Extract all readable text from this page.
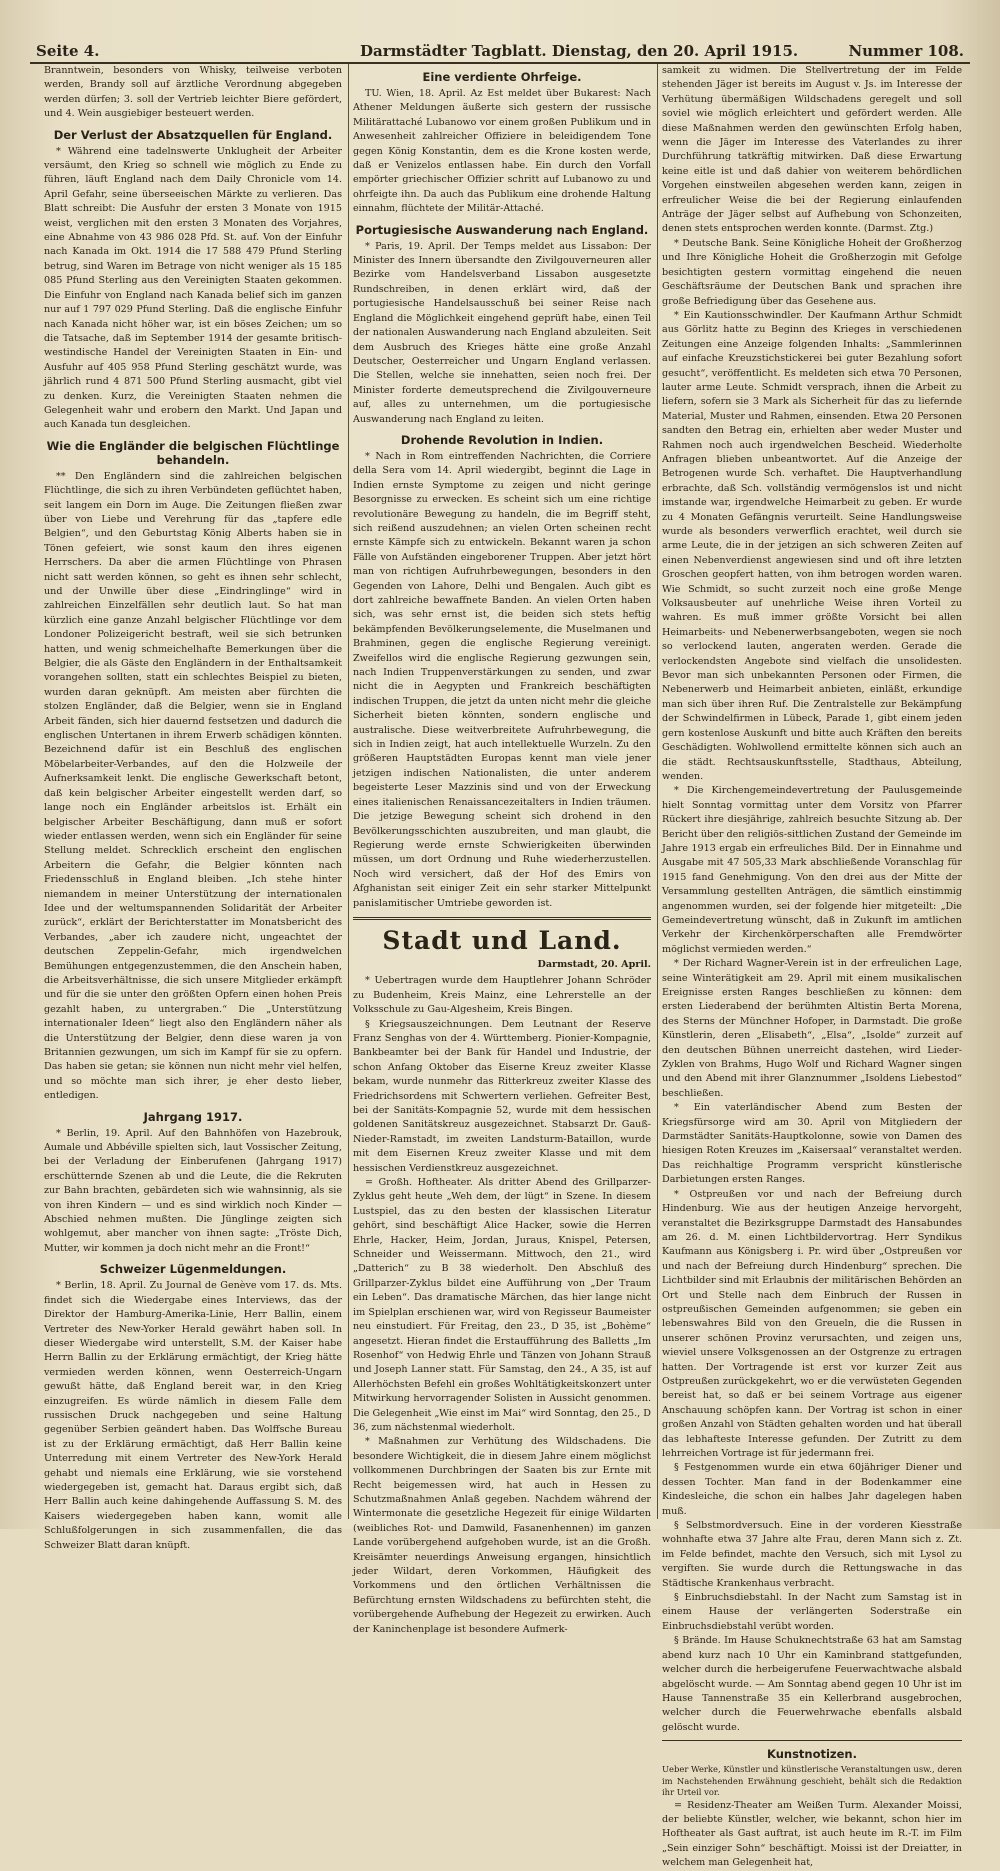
Seite 4.	Darmstädter Tagblatt. Dienstag, den 20. April 1915.	Nummer 108.

Branntwein, besonders von Whisky, teilweise verboten werden, Brandy soll auf ärztliche Verordnung abgegeben werden dürfen; 3. soll der Vertrieb leichter Biere gefördert, und 4. Wein ausgiebiger besteuert werden.

Der Verlust der Absatzquellen für England.

* Während eine tadelnswerte Unklugheit der Arbeiter versäumt, den Krieg so schnell wie möglich zu Ende zu führen, läuft England nach dem Daily Chronicle vom 14. April Gefahr, seine überseeischen Märkte zu verlieren. Das Blatt schreibt: Die Ausfuhr der ersten 3 Monate von 1915 weist, verglichen mit den ersten 3 Monaten des Vorjahres, eine Abnahme von 43 986 028 Pfd. St. auf. Von der Einfuhr nach Kanada im Okt. 1914 die 17 588 479 Pfund Sterling betrug, sind Waren im Betrage von nicht weniger als 15 185 085 Pfund Sterling aus den Vereinigten Staaten gekommen. Die Einfuhr von England nach Kanada belief sich im ganzen nur auf 1 797 029 Pfund Sterling. Daß die englische Einfuhr nach Kanada nicht höher war, ist ein böses Zeichen; um so die Tatsache, daß im September 1914 der gesamte britisch-westindische Handel der Vereinigten Staaten in Ein- und Ausfuhr auf 405 958 Pfund Sterling geschätzt wurde, was jährlich rund 4 871 500 Pfund Sterling ausmacht, gibt viel zu denken. Kurz, die Vereinigten Staaten nehmen die Gelegenheit wahr und erobern den Markt. Und Japan und auch Kanada tun desgleichen.

Wie die Engländer die belgischen Flüchtlinge behandeln.

** Den Engländern sind die zahlreichen belgischen Flüchtlinge, die sich zu ihren Verbündeten geflüchtet haben, seit langem ein Dorn im Auge. Die Zeitungen fließen zwar über von Liebe und Verehrung für das „tapfere edle Belgien“, und den Geburtstag König Alberts haben sie in Tönen gefeiert, wie sonst kaum den ihres eigenen Herrschers. Da aber die armen Flüchtlinge von Phrasen nicht satt werden können, so geht es ihnen sehr schlecht, und der Unwille über diese „Eindringlinge“ wird in zahlreichen Einzelfällen sehr deutlich laut. So hat man kürzlich eine ganze Anzahl belgischer Flüchtlinge vor dem Londoner Polizeigericht bestraft, weil sie sich betrunken hatten, und wenig schmeichelhafte Bemerkungen über die Belgier, die als Gäste den Engländern in der Enthaltsamkeit vorangehen sollten, statt ein schlechtes Beispiel zu bieten, wurden daran geknüpft. Am meisten aber fürchten die stolzen Engländer, daß die Belgier, wenn sie in England Arbeit fänden, sich hier dauernd festsetzen und dadurch die englischen Untertanen in ihrem Erwerb schädigen könnten. Bezeichnend dafür ist ein Beschluß des englischen Möbelarbeiter-Verbandes, auf den die Holzweile der Aufnerksamkeit lenkt. Die englische Gewerkschaft betont, daß kein belgischer Arbeiter eingestellt werden darf, so lange noch ein Engländer arbeitslos ist. Erhält ein belgischer Arbeiter Beschäftigung, dann muß er sofort wieder entlassen werden, wenn sich ein Engländer für seine Stellung meldet. Schrecklich erscheint den englischen Arbeitern die Gefahr, die Belgier könnten nach Friedensschluß in England bleiben. „Ich stehe hinter niemandem in meiner Unterstützung der internationalen Idee und der weltumspannenden Solidarität der Arbeiter zurück“, erklärt der Berichterstatter im Monatsbericht des Verbandes, „aber ich zaudere nicht, ungeachtet der deutschen Zeppelin-Gefahr, mich irgendwelchen Bemühungen entgegenzustemmen, die den Anschein haben, die Arbeitsverhältnisse, die sich unsere Mitglieder erkämpft und für die sie unter den größten Opfern einen hohen Preis gezahlt haben, zu untergraben.“ Die „Unterstützung internationaler Ideen“ liegt also den Engländern näher als die Unterstützung der Belgier, denn diese waren ja von Britannien gezwungen, um sich im Kampf für sie zu opfern. Das haben sie getan; sie können nun nicht mehr viel helfen, und so möchte man sich ihrer, je eher desto lieber, entledigen.

Jahrgang 1917.

* Berlin, 19. April. Auf den Bahnhöfen von Hazebrouk, Aumale und Abbéville spielten sich, laut Vossischer Zeitung, bei der Verladung der Einberufenen (Jahrgang 1917) erschütternde Szenen ab und die Leute, die die Rekruten zur Bahn brachten, gebärdeten sich wie wahnsinnig, als sie von ihren Kindern — und es sind wirklich noch Kinder — Abschied nehmen mußten. Die Jünglinge zeigten sich wohlgemut, aber mancher von ihnen sagte: „Tröste Dich, Mutter, wir kommen ja doch nicht mehr an die Front!“

Schweizer Lügenmeldungen.

* Berlin, 18. April. Zu Journal de Genève vom 17. ds. Mts. findet sich die Wiedergabe eines Interviews, das der Direktor der Hamburg-Amerika-Linie, Herr Ballin, einem Vertreter des New-Yorker Herald gewährt haben soll. In dieser Wiedergabe wird unterstellt, S.M. der Kaiser habe Herrn Ballin zu der Erklärung ermächtigt, der Krieg hätte vermieden werden können, wenn Oesterreich-Ungarn gewußt hätte, daß England bereit war, in den Krieg einzugreifen. Es würde nämlich in diesem Falle dem russischen Druck nachgegeben und seine Haltung gegenüber Serbien geändert haben. Das Wolffsche Bureau ist zu der Erklärung ermächtigt, daß Herr Ballin keine Unterredung mit einem Vertreter des New-York Herald gehabt und niemals eine Erklärung, wie sie vorstehend wiedergegeben ist, gemacht hat. Daraus ergibt sich, daß Herr Ballin auch keine dahingehende Auffassung S. M. des Kaisers wiedergegeben haben kann, womit alle Schlußfolgerungen in sich zusammenfallen, die das Schweizer Blatt daran knüpft.

Eine verdiente Ohrfeige.

TU. Wien, 18. April. Az Est meldet über Bukarest: Nach Athener Meldungen äußerte sich gestern der russische Militärattaché Lubanowo vor einem großen Publikum und in Anwesenheit zahlreicher Offiziere in beleidigendem Tone gegen König Konstantin, dem es die Krone kosten werde, daß er Venizelos entlassen habe. Ein durch den Vorfall empörter griechischer Offizier schritt auf Lubanowo zu und ohrfeigte ihn. Da auch das Publikum eine drohende Haltung einnahm, flüchtete der Militär-Attaché.

Portugiesische Auswanderung nach England.

* Paris, 19. April. Der Temps meldet aus Lissabon: Der Minister des Innern übersandte den Zivilgouverneuren aller Bezirke vom Handelsverband Lissabon ausgesetzte Rundschreiben, in denen erklärt wird, daß der portugiesische Handelsausschuß bei seiner Reise nach England die Möglichkeit eingehend geprüft habe, einen Teil der nationalen Auswanderung nach England abzuleiten. Seit dem Ausbruch des Krieges hätte eine große Anzahl Deutscher, Oesterreicher und Ungarn England verlassen. Die Stellen, welche sie innehatten, seien noch frei. Der Minister forderte demeutsprechend die Zivilgouverneure auf, alles zu unternehmen, um die portugiesische Auswanderung nach England zu leiten.

Drohende Revolution in Indien.

* Nach in Rom eintreffenden Nachrichten, die Corriere della Sera vom 14. April wiedergibt, beginnt die Lage in Indien ernste Symptome zu zeigen und nicht geringe Besorgnisse zu erwecken. Es scheint sich um eine richtige revolutionäre Bewegung zu handeln, die im Begriff steht, sich reißend auszudehnen; an vielen Orten scheinen recht ernste Kämpfe sich zu entwickeln. Bekannt waren ja schon Fälle von Aufständen eingeborener Truppen. Aber jetzt hört man von richtigen Aufruhrbewegungen, besonders in den Gegenden von Lahore, Delhi und Bengalen. Auch gibt es dort zahlreiche bewaffnete Banden. An vielen Orten haben sich, was sehr ernst ist, die beiden sich stets heftig bekämpfenden Bevölkerungselemente, die Muselmanen und Brahminen, gegen die englische Regierung vereinigt. Zweifellos wird die englische Regierung gezwungen sein, nach Indien Truppenverstärkungen zu senden, und zwar nicht die in Aegypten und Frankreich beschäftigten indischen Truppen, die jetzt da unten nicht mehr die gleiche Sicherheit bieten könnten, sondern englische und australische. Diese weitverbreitete Aufruhrbewegung, die sich in Indien zeigt, hat auch intellektuelle Wurzeln. Zu den größeren Hauptstädten Europas kennt man viele jener jetzigen indischen Nationalisten, die unter anderem begeisterte Leser Mazzinis sind und von der Erweckung eines italienischen Renaissancezeitalters in Indien träumen. Die jetzige Bewegung scheint sich drohend in den Bevölkerungsschichten auszubreiten, und man glaubt, die Regierung werde ernste Schwierigkeiten überwinden müssen, um dort Ordnung und Ruhe wiederherzustellen. Noch wird versichert, daß der Hof des Emirs von Afghanistan seit einiger Zeit ein sehr starker Mittelpunkt panislamitischer Umtriebe geworden ist.

Stadt und Land.
Darmstadt, 20. April.

* Uebertragen wurde dem Hauptlehrer Johann Schröder zu Budenheim, Kreis Mainz, eine Lehrerstelle an der Volksschule zu Gau-Algesheim, Kreis Bingen.

§ Kriegsauszeichnungen. Dem Leutnant der Reserve Franz Senghas von der 4. Württemberg. Pionier-Kompagnie, Bankbeamter bei der Bank für Handel und Industrie, der schon Anfang Oktober das Eiserne Kreuz zweiter Klasse bekam, wurde nunmehr das Ritterkreuz zweiter Klasse des Friedrichsordens mit Schwertern verliehen. Gefreiter Best, bei der Sanitäts-Kompagnie 52, wurde mit dem hessischen goldenen Sanitätskreuz ausgezeichnet. Stabsarzt Dr. Gauß-Nieder-Ramstadt, im zweiten Landsturm-Bataillon, wurde mit dem Eisernen Kreuz zweiter Klasse und mit dem hessischen Verdienstkreuz ausgezeichnet.

= Großh. Hoftheater. Als dritter Abend des Grillparzer-Zyklus geht heute „Weh dem, der lügt“ in Szene. In diesem Lustspiel, das zu den besten der klassischen Literatur gehört, sind beschäftigt Alice Hacker, sowie die Herren Ehrle, Hacker, Heim, Jordan, Juraus, Knispel, Petersen, Schneider und Weissermann. Mittwoch, den 21., wird „Datterich“ zu B 38 wiederholt. Den Abschluß des Grillparzer-Zyklus bildet eine Aufführung von „Der Traum ein Leben“. Das dramatische Märchen, das hier lange nicht im Spielplan erschienen war, wird von Regisseur Baumeister neu einstudiert. Für Freitag, den 23., D 35, ist „Bohème“ angesetzt. Hieran findet die Erstaufführung des Balletts „Im Rosenhof“ von Hedwig Ehrle und Tänzen von Johann Strauß und Joseph Lanner statt. Für Samstag, den 24., A 35, ist auf Allerhöchsten Befehl ein großes Wohltätigkeitskonzert unter Mitwirkung hervorragender Solisten in Aussicht genommen. Die Gelegenheit „Wie einst im Mai“ wird Sonntag, den 25., D 36, zum nächstenmal wiederholt.

* Maßnahmen zur Verhütung des Wildschadens. Die besondere Wichtigkeit, die in diesem Jahre einem möglichst vollkommenen Durchbringen der Saaten bis zur Ernte mit Recht beigemessen wird, hat auch in Hessen zu Schutzmaßnahmen Anlaß gegeben. Nachdem während der Wintermonate die gesetzliche Hegezeit für einige Wildarten (weibliches Rot- und Damwild, Fasanenhennen) im ganzen Lande vorübergehend aufgehoben wurde, ist an die Großh. Kreisämter neuerdings Anweisung ergangen, hinsichtlich jeder Wildart, deren Vorkommen, Häufigkeit des Vorkommens und den örtlichen Verhältnissen die Befürchtung ernsten Wildschadens zu befürchten steht, die vorübergehende Aufhebung der Hegezeit zu erwirken. Auch der Kaninchenplage ist besondere Aufmerk-

samkeit zu widmen. Die Stellvertretung der im Felde stehenden Jäger ist bereits im August v. Js. im Interesse der Verhütung übermäßigen Wildschadens geregelt und soll soviel wie möglich erleichtert und gefördert werden. Alle diese Maßnahmen werden den gewünschten Erfolg haben, wenn die Jäger im Interesse des Vaterlandes zu ihrer Durchführung tatkräftig mitwirken. Daß diese Erwartung keine eitle ist und daß dahier von weiterem behördlichen Vorgehen einstweilen abgesehen werden kann, zeigen in erfreulicher Weise die bei der Regierung einlaufenden Anträge der Jäger selbst auf Aufhebung von Schonzeiten, denen stets entsprochen werden konnte. (Darmst. Ztg.)

* Deutsche Bank. Seine Königliche Hoheit der Großherzog und Ihre Königliche Hoheit die Großherzogin mit Gefolge besichtigten gestern vormittag eingehend die neuen Geschäftsräume der Deutschen Bank und sprachen ihre große Befriedigung über das Gesehene aus.

* Ein Kautionsschwindler. Der Kaufmann Arthur Schmidt aus Görlitz hatte zu Beginn des Krieges in verschiedenen Zeitungen eine Anzeige folgenden Inhalts: „Sammlerinnen auf einfache Kreuzstichstickerei bei guter Bezahlung sofort gesucht“, veröffentlicht. Es meldeten sich etwa 70 Personen, lauter arme Leute. Schmidt versprach, ihnen die Arbeit zu liefern, sofern sie 3 Mark als Sicherheit für das zu liefernde Material, Muster und Rahmen, einsenden. Etwa 20 Personen sandten den Betrag ein, erhielten aber weder Muster und Rahmen noch auch irgendwelchen Bescheid. Wiederholte Anfragen blieben unbeantwortet. Auf die Anzeige der Betrogenen wurde Sch. verhaftet. Die Hauptverhandlung erbrachte, daß Sch. vollständig vermögenslos ist und nicht imstande war, irgendwelche Heimarbeit zu geben. Er wurde zu 4 Monaten Gefängnis verurteilt. Seine Handlungsweise wurde als besonders verwerflich erachtet, weil durch sie arme Leute, die in der jetzigen an sich schweren Zeiten auf einen Nebenverdienst angewiesen sind und oft ihre letzten Groschen geopfert hatten, von ihm betrogen worden waren. Wie Schmidt, so sucht zurzeit noch eine große Menge Volksausbeuter auf unehrliche Weise ihren Vorteil zu wahren. Es muß immer größte Vorsicht bei allen Heimarbeits- und Nebenerwerbsangeboten, wegen sie noch so verlockend lauten, angeraten werden. Gerade die verlockendsten Angebote sind vielfach die unsolidesten. Bevor man sich unbekannten Personen oder Firmen, die Nebenerwerb und Heimarbeit anbieten, einläßt, erkundige man sich über ihren Ruf. Die Zentralstelle zur Bekämpfung der Schwindelfirmen in Lübeck, Parade 1, gibt einem jeden gern kostenlose Auskunft und bitte auch Kräften den bereits Geschädigten. Wohlwollend ermittelte können sich auch an die städt. Rechtsauskunftsstelle, Stadthaus, Abteilung, wenden.

* Die Kirchengemeindevertretung der Paulusgemeinde hielt Sonntag vormittag unter dem Vorsitz von Pfarrer Rückert ihre diesjährige, zahlreich besuchte Sitzung ab. Der Bericht über den religiös-sittlichen Zustand der Gemeinde im Jahre 1913 ergab ein erfreuliches Bild. Der in Einnahme und Ausgabe mit 47 505,33 Mark abschließende Voranschlag für 1915 fand Genehmigung. Von den drei aus der Mitte der Versammlung gestellten Anträgen, die sämtlich einstimmig angenommen wurden, sei der folgende hier mitgeteilt: „Die Gemeindevertretung wünscht, daß in Zukunft im amtlichen Verkehr der Kirchenkörperschaften alle Fremdwörter möglichst vermieden werden.“

* Der Richard Wagner-Verein ist in der erfreulichen Lage, seine Winterätigkeit am 29. April mit einem musikalischen Ereignisse ersten Ranges beschließen zu können: dem ersten Liederabend der berühmten Altistin Berta Morena, des Sterns der Münchner Hofoper, in Darmstadt. Die große Künstlerin, deren „Elisabeth“, „Elsa“, „Isolde“ zurzeit auf den deutschen Bühnen unerreicht dastehen, wird Lieder-Zyklen von Brahms, Hugo Wolf und Richard Wagner singen und den Abend mit ihrer Glanznummer „Isoldens Liebestod“ beschließen.

* Ein vaterländischer Abend zum Besten der Kriegsfürsorge wird am 30. April von Mitgliedern der Darmstädter Sanitäts-Hauptkolonne, sowie von Damen des hiesigen Roten Kreuzes im „Kaisersaal“ veranstaltet werden. Das reichhaltige Programm verspricht künstlerische Darbietungen ersten Ranges.

* Ostpreußen vor und nach der Befreiung durch Hindenburg. Wie aus der heutigen Anzeige hervorgeht, veranstaltet die Bezirksgruppe Darmstadt des Hansabundes am 26. d. M. einen Lichtbildervortrag. Herr Syndikus Kaufmann aus Königsberg i. Pr. wird über „Ostpreußen vor und nach der Befreiung durch Hindenburg“ sprechen. Die Lichtbilder sind mit Erlaubnis der militärischen Behörden an Ort und Stelle nach dem Einbruch der Russen in ostpreußischen Gemeinden aufgenommen; sie geben ein lebenswahres Bild von den Greueln, die die Russen in unserer schönen Provinz verursachten, und zeigen uns, wieviel unsere Volksgenossen an der Ostgrenze zu ertragen hatten. Der Vortragende ist erst vor kurzer Zeit aus Ostpreußen zurückgekehrt, wo er die verwüsteten Gegenden bereist hat, so daß er bei seinem Vortrage aus eigener Anschauung schöpfen kann. Der Vortrag ist schon in einer großen Anzahl von Städten gehalten worden und hat überall das lebhafteste Interesse gefunden. Der Zutritt zu dem lehrreichen Vortrage ist für jedermann frei.

§ Festgenommen wurde ein etwa 60jähriger Diener und dessen Tochter. Man fand in der Bodenkammer eine Kindesleiche, die schon ein halbes Jahr dagelegen haben muß.

§ Selbstmordversuch. Eine in der vorderen Kiesstraße wohnhafte etwa 37 Jahre alte Frau, deren Mann sich z. Zt. im Felde befindet, machte den Versuch, sich mit Lysol zu vergiften. Sie wurde durch die Rettungswache in das Städtische Krankenhaus verbracht.

§ Einbruchsdiebstahl. In der Nacht zum Samstag ist in einem Hause der verlängerten Soderstraße ein Einbruchsdiebstahl verübt worden.

§ Brände. Im Hause Schuknechtstraße 63 hat am Samstag abend kurz nach 10 Uhr ein Kaminbrand stattgefunden, welcher durch die herbeigerufene Feuerwachtwache alsbald abgelöscht wurde. — Am Sonntag abend gegen 10 Uhr ist im Hause Tannenstraße 35 ein Kellerbrand ausgebrochen, welcher durch die Feuerwehrwache ebenfalls alsbald gelöscht wurde.

Kunstnotizen.

Ueber Werke, Künstler und künstlerische Veranstaltungen usw., deren im Nachstehenden Erwähnung geschieht, behält sich die Redaktion ihr Urteil vor.

= Residenz-Theater am Weißen Turm. Alexander Moissi, der beliebte Künstler, welcher, wie bekannt, schon hier im Hoftheater als Gast auftrat, ist auch heute im R.-T. im Film „Sein einziger Sohn“ beschäftigt. Moissi ist der Dreiatter, in welchem man Gelegenheit hat,
